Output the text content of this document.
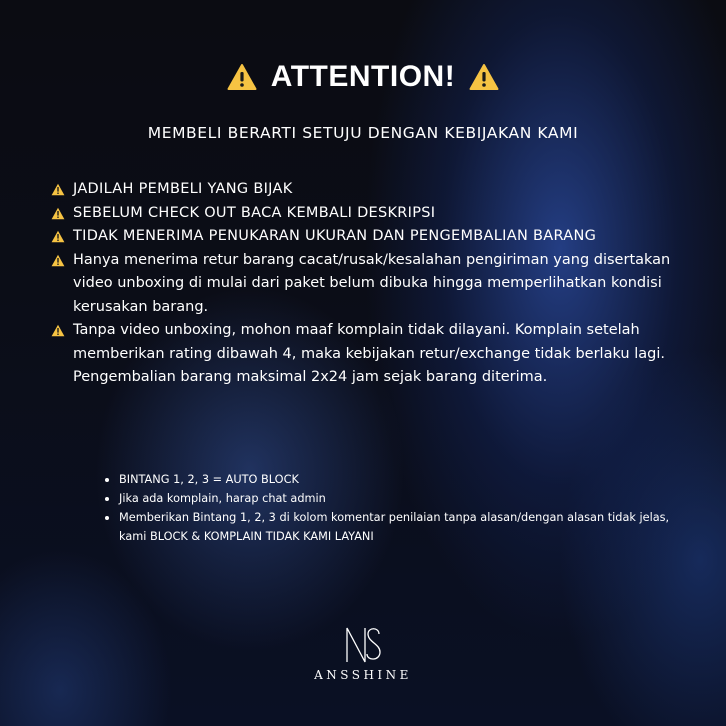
ATTENTION!
MEMBELI BERARTI SETUJU DENGAN KEBIJAKAN KAMI
JADILAH PEMBELI YANG BIJAK
SEBELUM CHECK OUT BACA KEMBALI DESKRIPSI
TIDAK MENERIMA PENUKARAN UKURAN DAN PENGEMBALIAN BARANG
Hanya menerima retur barang cacat/rusak/kesalahan pengiriman yang disertakan video unboxing di mulai dari paket belum dibuka hingga memperlihatkan kondisi kerusakan barang.
Tanpa video unboxing, mohon maaf komplain tidak dilayani. Komplain setelah memberikan rating dibawah 4, maka kebijakan retur/exchange tidak berlaku lagi. Pengembalian barang maksimal 2x24 jam sejak barang diterima.
BINTANG 1, 2, 3 = AUTO BLOCK
Jika ada komplain, harap chat admin
Memberikan Bintang 1, 2, 3 di kolom komentar penilaian tanpa alasan/dengan alasan tidak jelas, kami BLOCK & KOMPLAIN TIDAK KAMI LAYANI
ANSSHINE
